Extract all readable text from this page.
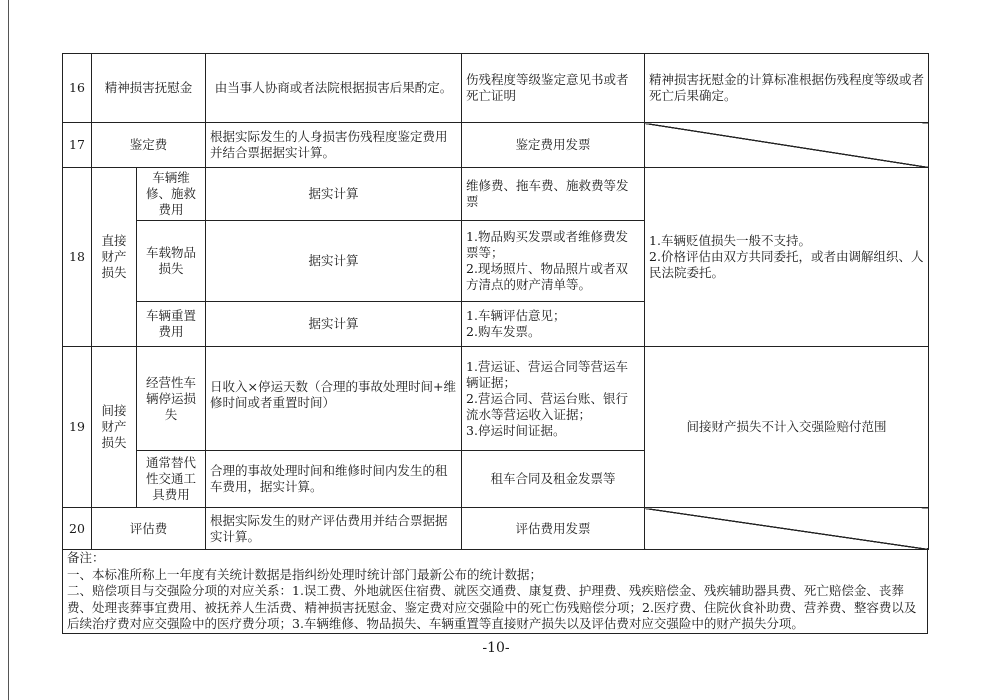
16	精神损害抚慰金		由当事人协商或者法院根据损害后果酌定。	伤残程度等级鉴定意见书或者死亡证明	精神损害抚慰金的计算标准根据伤残程度等级或者死亡后果确定。
17	鉴定费		根据实际发生的人身损害伤残程度鉴定费用并结合票据据实计算。	鉴定费用发票	
18	直接财产损失	车辆维修、施救费用	据实计算	维修费、拖车费、施救费等发票	1.车辆贬值损失一般不支持。
2.价格评估由双方共同委托，或者由调解组织、人民法院委托。
		车载物品损失	据实计算	1.物品购买发票或者维修费发票等；
2.现场照片、物品照片或者双方清点的财产清单等。	
		车辆重置费用	据实计算	1.车辆评估意见；
2.购车发票。	
19	间接财产损失	经营性车辆停运损失	日收入×停运天数（合理的事故处理时间+维修时间或者重置时间）	1.营运证、营运合同等营运车辆证据；
2.营运合同、营运台账、银行流水等营运收入证据；
3.停运时间证据。	间接财产损失不计入交强险赔付范围
		通常替代性交通工具费用	合理的事故处理时间和维修时间内发生的租车费用，据实计算。	租车合同及租金发票等	
20	评估费		根据实际发生的财产评估费用并结合票据据实计算。	评估费用发票	
备注：
一、本标准所称上一年度有关统计数据是指纠纷处理时统计部门最新公布的统计数据；
二、赔偿项目与交强险分项的对应关系：1.误工费、外地就医住宿费、就医交通费、康复费、护理费、残疾赔偿金、残疾辅助器具费、死亡赔偿金、丧葬费、处理丧葬事宜费用、被抚养人生活费、精神损害抚慰金、鉴定费对应交强险中的死亡伤残赔偿分项；2.医疗费、住院伙食补助费、营养费、整容费以及后续治疗费对应交强险中的医疗费分项；3.车辆维修、物品损失、车辆重置等直接财产损失以及评估费对应交强险中的财产损失分项。
-10-
